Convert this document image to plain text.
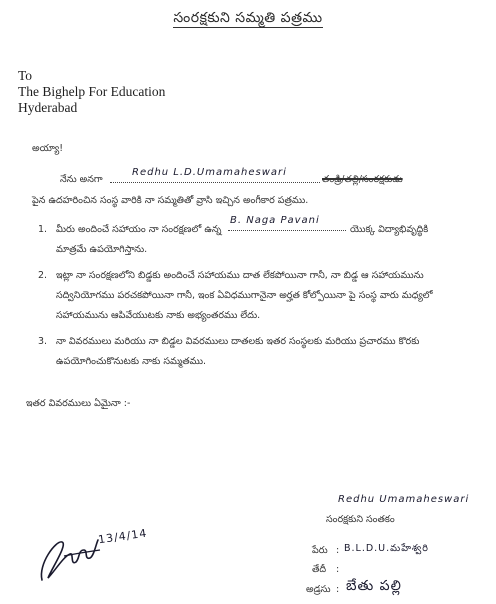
సంరక్షకుని సమ్మతి పత్రము
To
The Bighelp For Education
Hyderabad
అయ్యా!
నేను అనగా
Redhu L.D.Umamaheswari
తండ్రి/తల్లి/సంరక్షకుడు
పైన ఉదహరించిన సంస్థ వారికి నా సమ్మతితో వ్రాసి ఇచ్చిన అంగీకార పత్రము.
1. మీరు అందించే సహాయం నా సంరక్షణలో ఉన్న
B. Naga Pavani
యొక్క విద్యాభివృద్ధికి
మాత్రమే ఉపయోగిస్తాను.
2. ఇట్లా నా సంరక్షణలోని బిడ్డకు అందించే సహాయము దాత లేకపోయినా గానీ, నా బిడ్డ ఆ సహాయమును సద్వినియోగము పరచకపోయినా గానీ, ఇంక ఏవిధముగానైనా అర్హత కోల్పోయినా పై సంస్థ వారు మధ్యలో సహాయమును ఆపివేయుటకు నాకు అభ్యంతరము లేదు.
3. నా వివరములు మరియు నా బిడ్డల వివరములు దాతలకు ఇతర సంస్థలకు మరియు ప్రచారము కొరకు ఉపయోగించుకొనుటకు నాకు సమ్మతము.
ఇతర వివరములు ఏమైనా :-
Redhu Umamaheswari
సంరక్షకుని సంతకం
పేరు : B.L.D.U.మహేశ్వరి
తేదీ :
అడ్రసు : బేతు పల్లి
13/4/14
